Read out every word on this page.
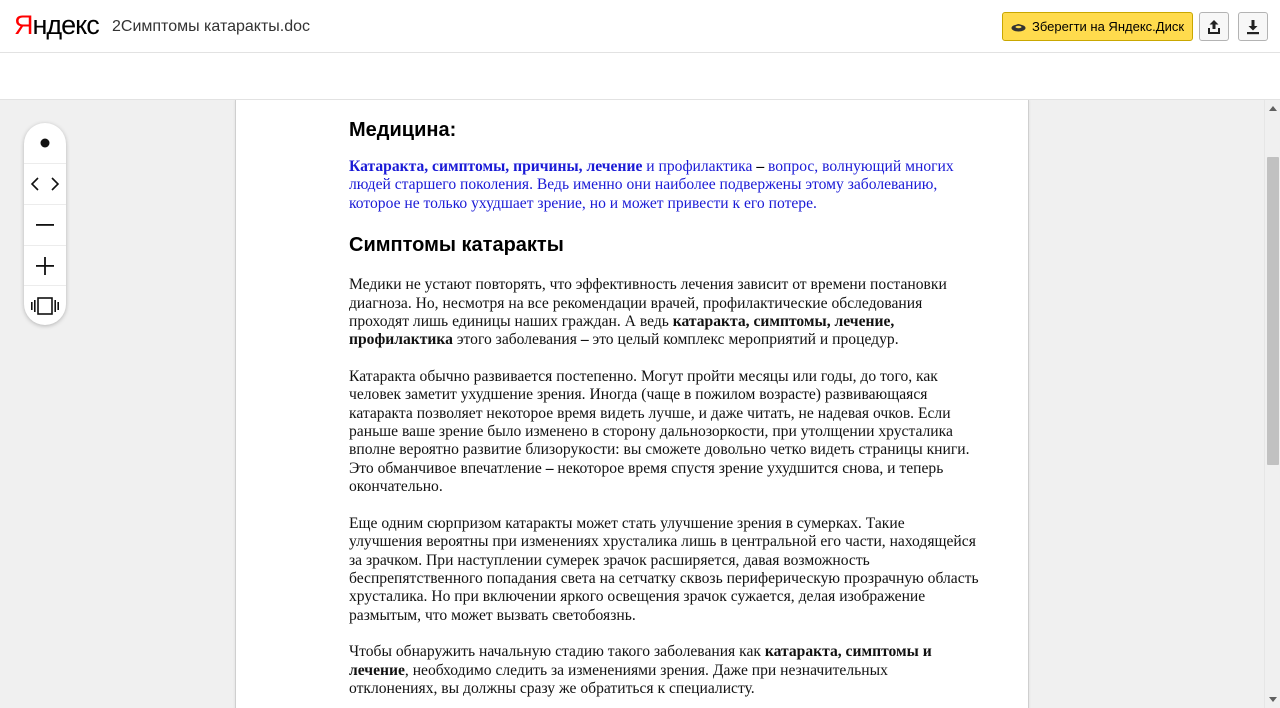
Яндекс 2Симптомы катаракты.doc	Зберегти на Яндекс.Диск
Медицина:

Катаракта, симптомы, причины, лечение и профилактика – вопрос, волнующий многих людей старшего поколения. Ведь именно они наиболее подвержены этому заболеванию, которое не только ухудшает зрение, но и может привести к его потере.

Симптомы катаракты

Медики не устают повторять, что эффективность лечения зависит от времени постановки диагноза. Но, несмотря на все рекомендации врачей, профилактические обследования проходят лишь единицы наших граждан. А ведь катаракта, симптомы, лечение, профилактика этого заболевания – это целый комплекс мероприятий и процедур.

Катаракта обычно развивается постепенно. Могут пройти месяцы или годы, до того, как человек заметит ухудшение зрения. Иногда (чаще в пожилом возрасте) развивающаяся катаракта позволяет некоторое время видеть лучше, и даже читать, не надевая очков. Если раньше ваше зрение было изменено в сторону дальнозоркости, при утолщении хрусталика вполне вероятно развитие близорукости: вы сможете довольно четко видеть страницы книги. Это обманчивое впечатление – некоторое время спустя зрение ухудшится снова, и теперь окончательно.

Еще одним сюрпризом катаракты может стать улучшение зрения в сумерках. Такие улучшения вероятны при изменениях хрусталика лишь в центральной его части, находящейся за зрачком. При наступлении сумерек зрачок расширяется, давая возможность беспрепятственного попадания света на сетчатку сквозь периферическую прозрачную область хрусталика. Но при включении яркого освещения зрачок сужается, делая изображение размытым, что может вызвать светобоязнь.

Чтобы обнаружить начальную стадию такого заболевания как катаракта, симптомы и лечение, необходимо следить за изменениями зрения. Даже при незначительных отклонениях, вы должны сразу же обратиться к специалисту.
